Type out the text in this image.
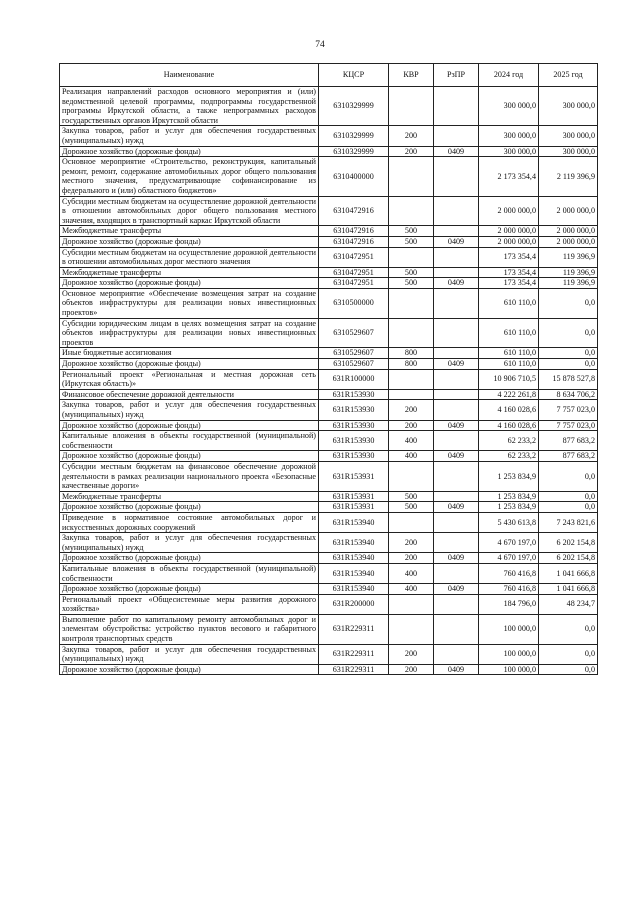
74
Наименование	КЦСР	КВР	РзПР	2024 год	2025 год
Реализация направлений расходов основного мероприятия и (или) ведомственной целевой программы, подпрограммы государственной программы Иркутской области, а также непрограммных расходов государственных органов Иркутской области	6310329999			300 000,0	300 000,0
Закупка товаров, работ и услуг для обеспечения государственных (муниципальных) нужд	6310329999	200		300 000,0	300 000,0
Дорожное хозяйство (дорожные фонды)	6310329999	200	0409	300 000,0	300 000,0
Основное мероприятие «Строительство, реконструкция, капитальный ремонт, ремонт, содержание автомобильных дорог общего пользования местного значения, предусматривающие софинансирование из федерального и (или) областного бюджетов»	6310400000			2 173 354,4	2 119 396,9
Субсидии местным бюджетам на осуществление дорожной деятельности в отношении автомобильных дорог общего пользования местного значения, входящих в транспортный каркас Иркутской области	6310472916			2 000 000,0	2 000 000,0
Межбюджетные трансферты	6310472916	500		2 000 000,0	2 000 000,0
Дорожное хозяйство (дорожные фонды)	6310472916	500	0409	2 000 000,0	2 000 000,0
Субсидии местным бюджетам на осуществление дорожной деятельности в отношении автомобильных дорог местного значения	6310472951			173 354,4	119 396,9
Межбюджетные трансферты	6310472951	500		173 354,4	119 396,9
Дорожное хозяйство (дорожные фонды)	6310472951	500	0409	173 354,4	119 396,9
Основное мероприятие «Обеспечение возмещения затрат на создание объектов инфраструктуры для реализации новых инвестиционных проектов»	6310500000			610 110,0	0,0
Субсидии юридическим лицам в целях возмещения затрат на создание объектов инфраструктуры для реализации новых инвестиционных проектов	6310529607			610 110,0	0,0
Иные бюджетные ассигнования	6310529607	800		610 110,0	0,0
Дорожное хозяйство (дорожные фонды)	6310529607	800	0409	610 110,0	0,0
Региональный проект «Региональная и местная дорожная сеть (Иркутская область)»	631R100000			10 906 710,5	15 878 527,8
Финансовое обеспечение дорожной деятельности	631R153930			4 222 261,8	8 634 706,2
Закупка товаров, работ и услуг для обеспечения государственных (муниципальных) нужд	631R153930	200		4 160 028,6	7 757 023,0
Дорожное хозяйство (дорожные фонды)	631R153930	200	0409	4 160 028,6	7 757 023,0
Капитальные вложения в объекты государственной (муниципальной) собственности	631R153930	400		62 233,2	877 683,2
Дорожное хозяйство (дорожные фонды)	631R153930	400	0409	62 233,2	877 683,2
Субсидии местным бюджетам на финансовое обеспечение дорожной деятельности в рамках реализации национального проекта «Безопасные качественные дороги»	631R153931			1 253 834,9	0,0
Межбюджетные трансферты	631R153931	500		1 253 834,9	0,0
Дорожное хозяйство (дорожные фонды)	631R153931	500	0409	1 253 834,9	0,0
Приведение в нормативное состояние автомобильных дорог и искусственных дорожных сооружений	631R153940			5 430 613,8	7 243 821,6
Закупка товаров, работ и услуг для обеспечения государственных (муниципальных) нужд	631R153940	200		4 670 197,0	6 202 154,8
Дорожное хозяйство (дорожные фонды)	631R153940	200	0409	4 670 197,0	6 202 154,8
Капитальные вложения в объекты государственной (муниципальной) собственности	631R153940	400		760 416,8	1 041 666,8
Дорожное хозяйство (дорожные фонды)	631R153940	400	0409	760 416,8	1 041 666,8
Региональный проект «Общесистемные меры развития дорожного хозяйства»	631R200000			184 796,0	48 234,7
Выполнение работ по капитальному ремонту автомобильных дорог и элементам обустройства: устройство пунктов весового и габаритного контроля транспортных средств	631R229311			100 000,0	0,0
Закупка товаров, работ и услуг для обеспечения государственных (муниципальных) нужд	631R229311	200		100 000,0	0,0
Дорожное хозяйство (дорожные фонды)	631R229311	200	0409	100 000,0	0,0
